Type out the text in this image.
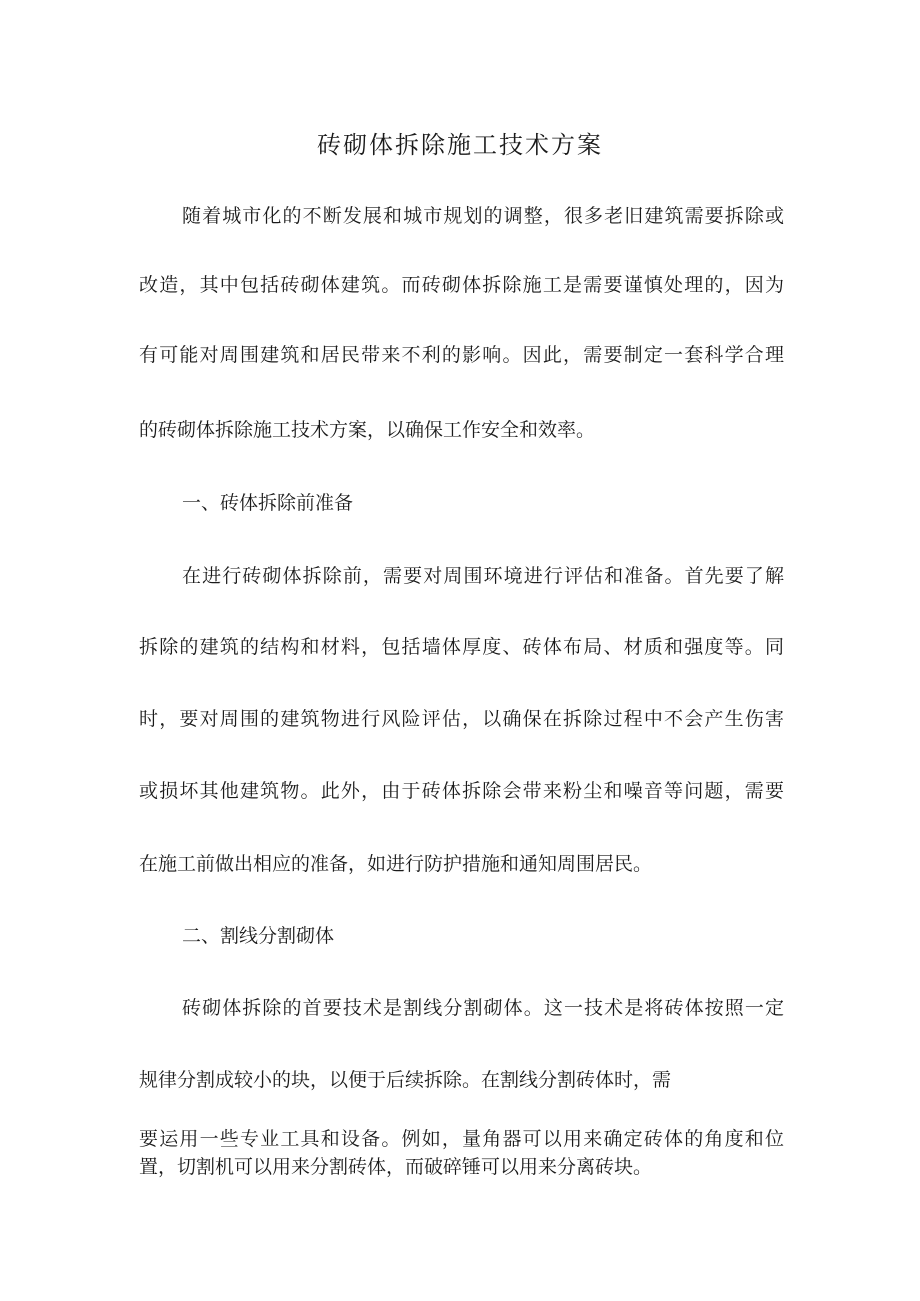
砖砌体拆除施工技术方案

随着城市化的不断发展和城市规划的调整，很多老旧建筑需要拆除或

改造，其中包括砖砌体建筑。而砖砌体拆除施工是需要谨慎处理的，因为

有可能对周围建筑和居民带来不利的影响。因此，需要制定一套科学合理

的砖砌体拆除施工技术方案，以确保工作安全和效率。

一、砖体拆除前准备

在进行砖砌体拆除前，需要对周围环境进行评估和准备。首先要了解

拆除的建筑的结构和材料，包括墙体厚度、砖体布局、材质和强度等。同

时，要对周围的建筑物进行风险评估，以确保在拆除过程中不会产生伤害

或损坏其他建筑物。此外，由于砖体拆除会带来粉尘和噪音等问题，需要

在施工前做出相应的准备，如进行防护措施和通知周围居民。

二、割线分割砌体

砖砌体拆除的首要技术是割线分割砌体。这一技术是将砖体按照一定

规律分割成较小的块，以便于后续拆除。在割线分割砖体时，需

要运用一些专业工具和设备。例如，量角器可以用来确定砖体的角度和位

置，切割机可以用来分割砖体，而破碎锤可以用来分离砖块。
